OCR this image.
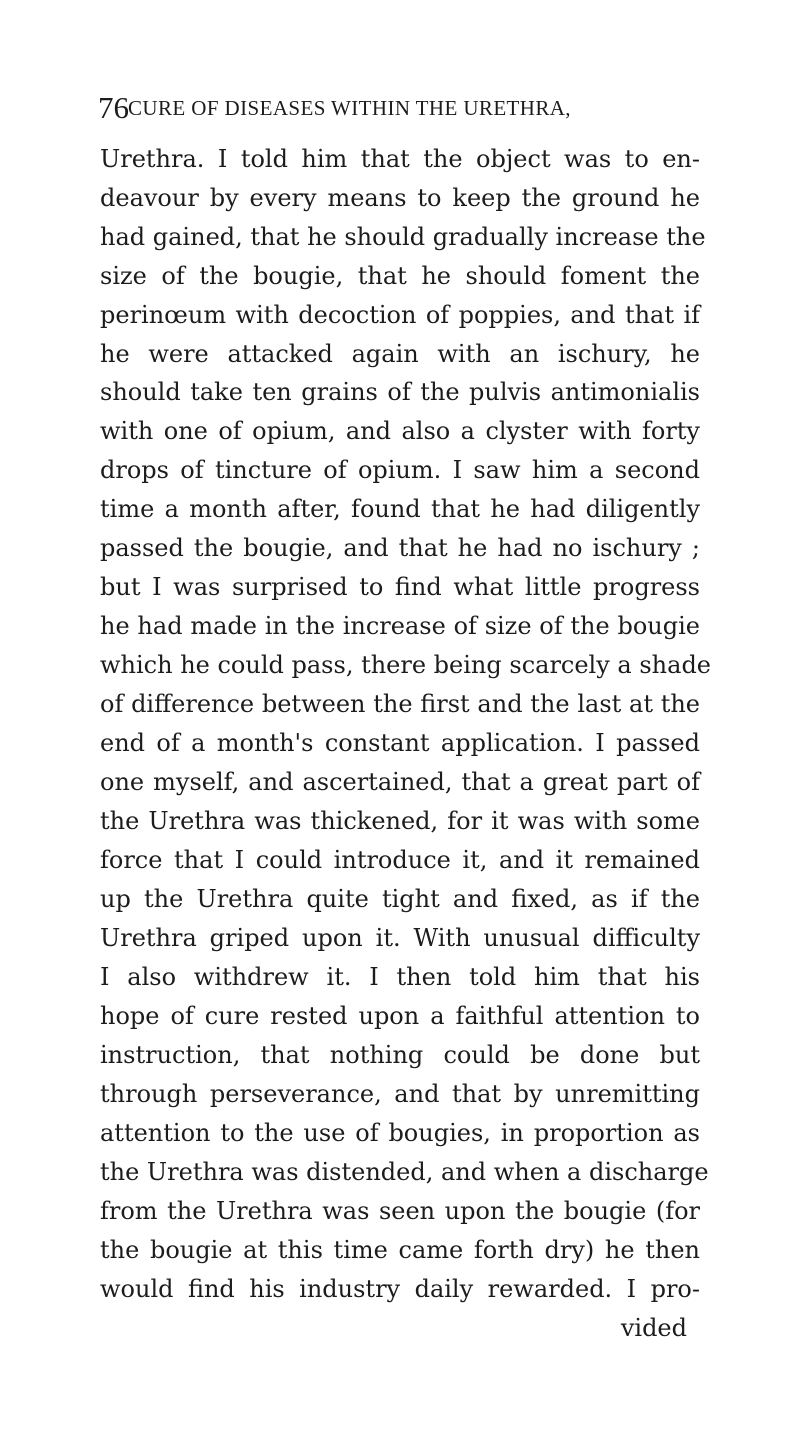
76 CURE OF DISEASES WITHIN THE URETHRA,
Urethra. I told him that the object was to en-
deavour by every means to keep the ground he
had gained, that he should gradually increase the
size of the bougie, that he should foment the
perinœum with decoction of poppies, and that if
he were attacked again with an ischury, he
should take ten grains of the pulvis antimonialis
with one of opium, and also a clyster with forty
drops of tincture of opium. I saw him a second
time a month after, found that he had diligently
passed the bougie, and that he had no ischury ;
but I was surprised to find what little progress
he had made in the increase of size of the bougie
which he could pass, there being scarcely a shade
of difference between the first and the last at the
end of a month's constant application. I passed
one myself, and ascertained, that a great part of
the Urethra was thickened, for it was with some
force that I could introduce it, and it remained
up the Urethra quite tight and fixed, as if the
Urethra griped upon it. With unusual difficulty
I also withdrew it. I then told him that his
hope of cure rested upon a faithful attention to
instruction, that nothing could be done but
through perseverance, and that by unremitting
attention to the use of bougies, in proportion as
the Urethra was distended, and when a discharge
from the Urethra was seen upon the bougie (for
the bougie at this time came forth dry) he then
would find his industry daily rewarded. I pro-
vided
